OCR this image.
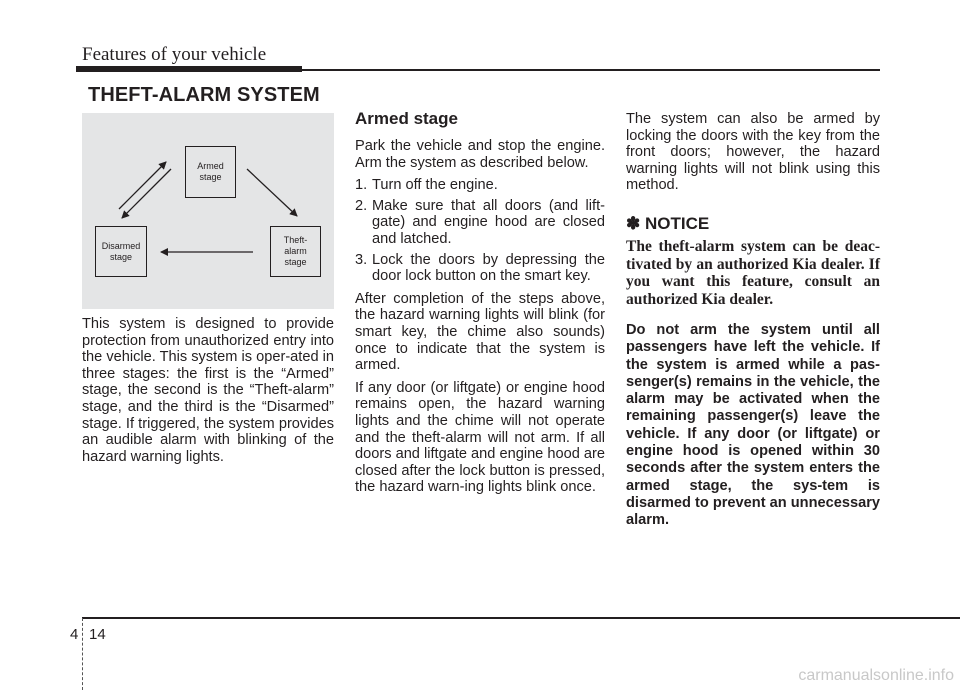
Features of your vehicle
THEFT-ALARM SYSTEM
Armed stage
Disarmed stage
Theft-alarm stage

This system is designed to provide protection from unauthorized entry into the vehicle. This system is oper-ated in three stages: the first is the “Armed” stage, the second is the “Theft-alarm” stage, and the third is the “Disarmed” stage. If triggered, the system provides an audible alarm with blinking of the hazard warning lights.

Armed stage

Park the vehicle and stop the engine. Arm the system as described below.

1. Turn off the engine.
2. Make sure that all doors (and lift-gate) and engine hood are closed and latched.
3. Lock the doors by depressing the door lock button on the smart key.

After completion of the steps above, the hazard warning lights will blink (for smart key, the chime also sounds) once to indicate that the system is armed.

If any door (or liftgate) or engine hood remains open, the hazard warning lights and the chime will not operate and the theft-alarm will not arm. If all doors and liftgate and engine hood are closed after the lock button is pressed, the hazard warn-ing lights blink once.

The system can also be armed by locking the doors with the key from the front doors; however, the hazard warning lights will not blink using this method.

✽ NOTICE
The theft-alarm system can be deac-tivated by an authorized Kia dealer. If you want this feature, consult an authorized Kia dealer.
Do not arm the system until all passengers have left the vehicle. If the system is armed while a pas-senger(s) remains in the vehicle, the alarm may be activated when the remaining passenger(s) leave the vehicle. If any door (or liftgate) or engine hood is opened within 30 seconds after the system enters the armed stage, the sys-tem is disarmed to prevent an unnecessary alarm.
4 14
carmanualsonline.info
